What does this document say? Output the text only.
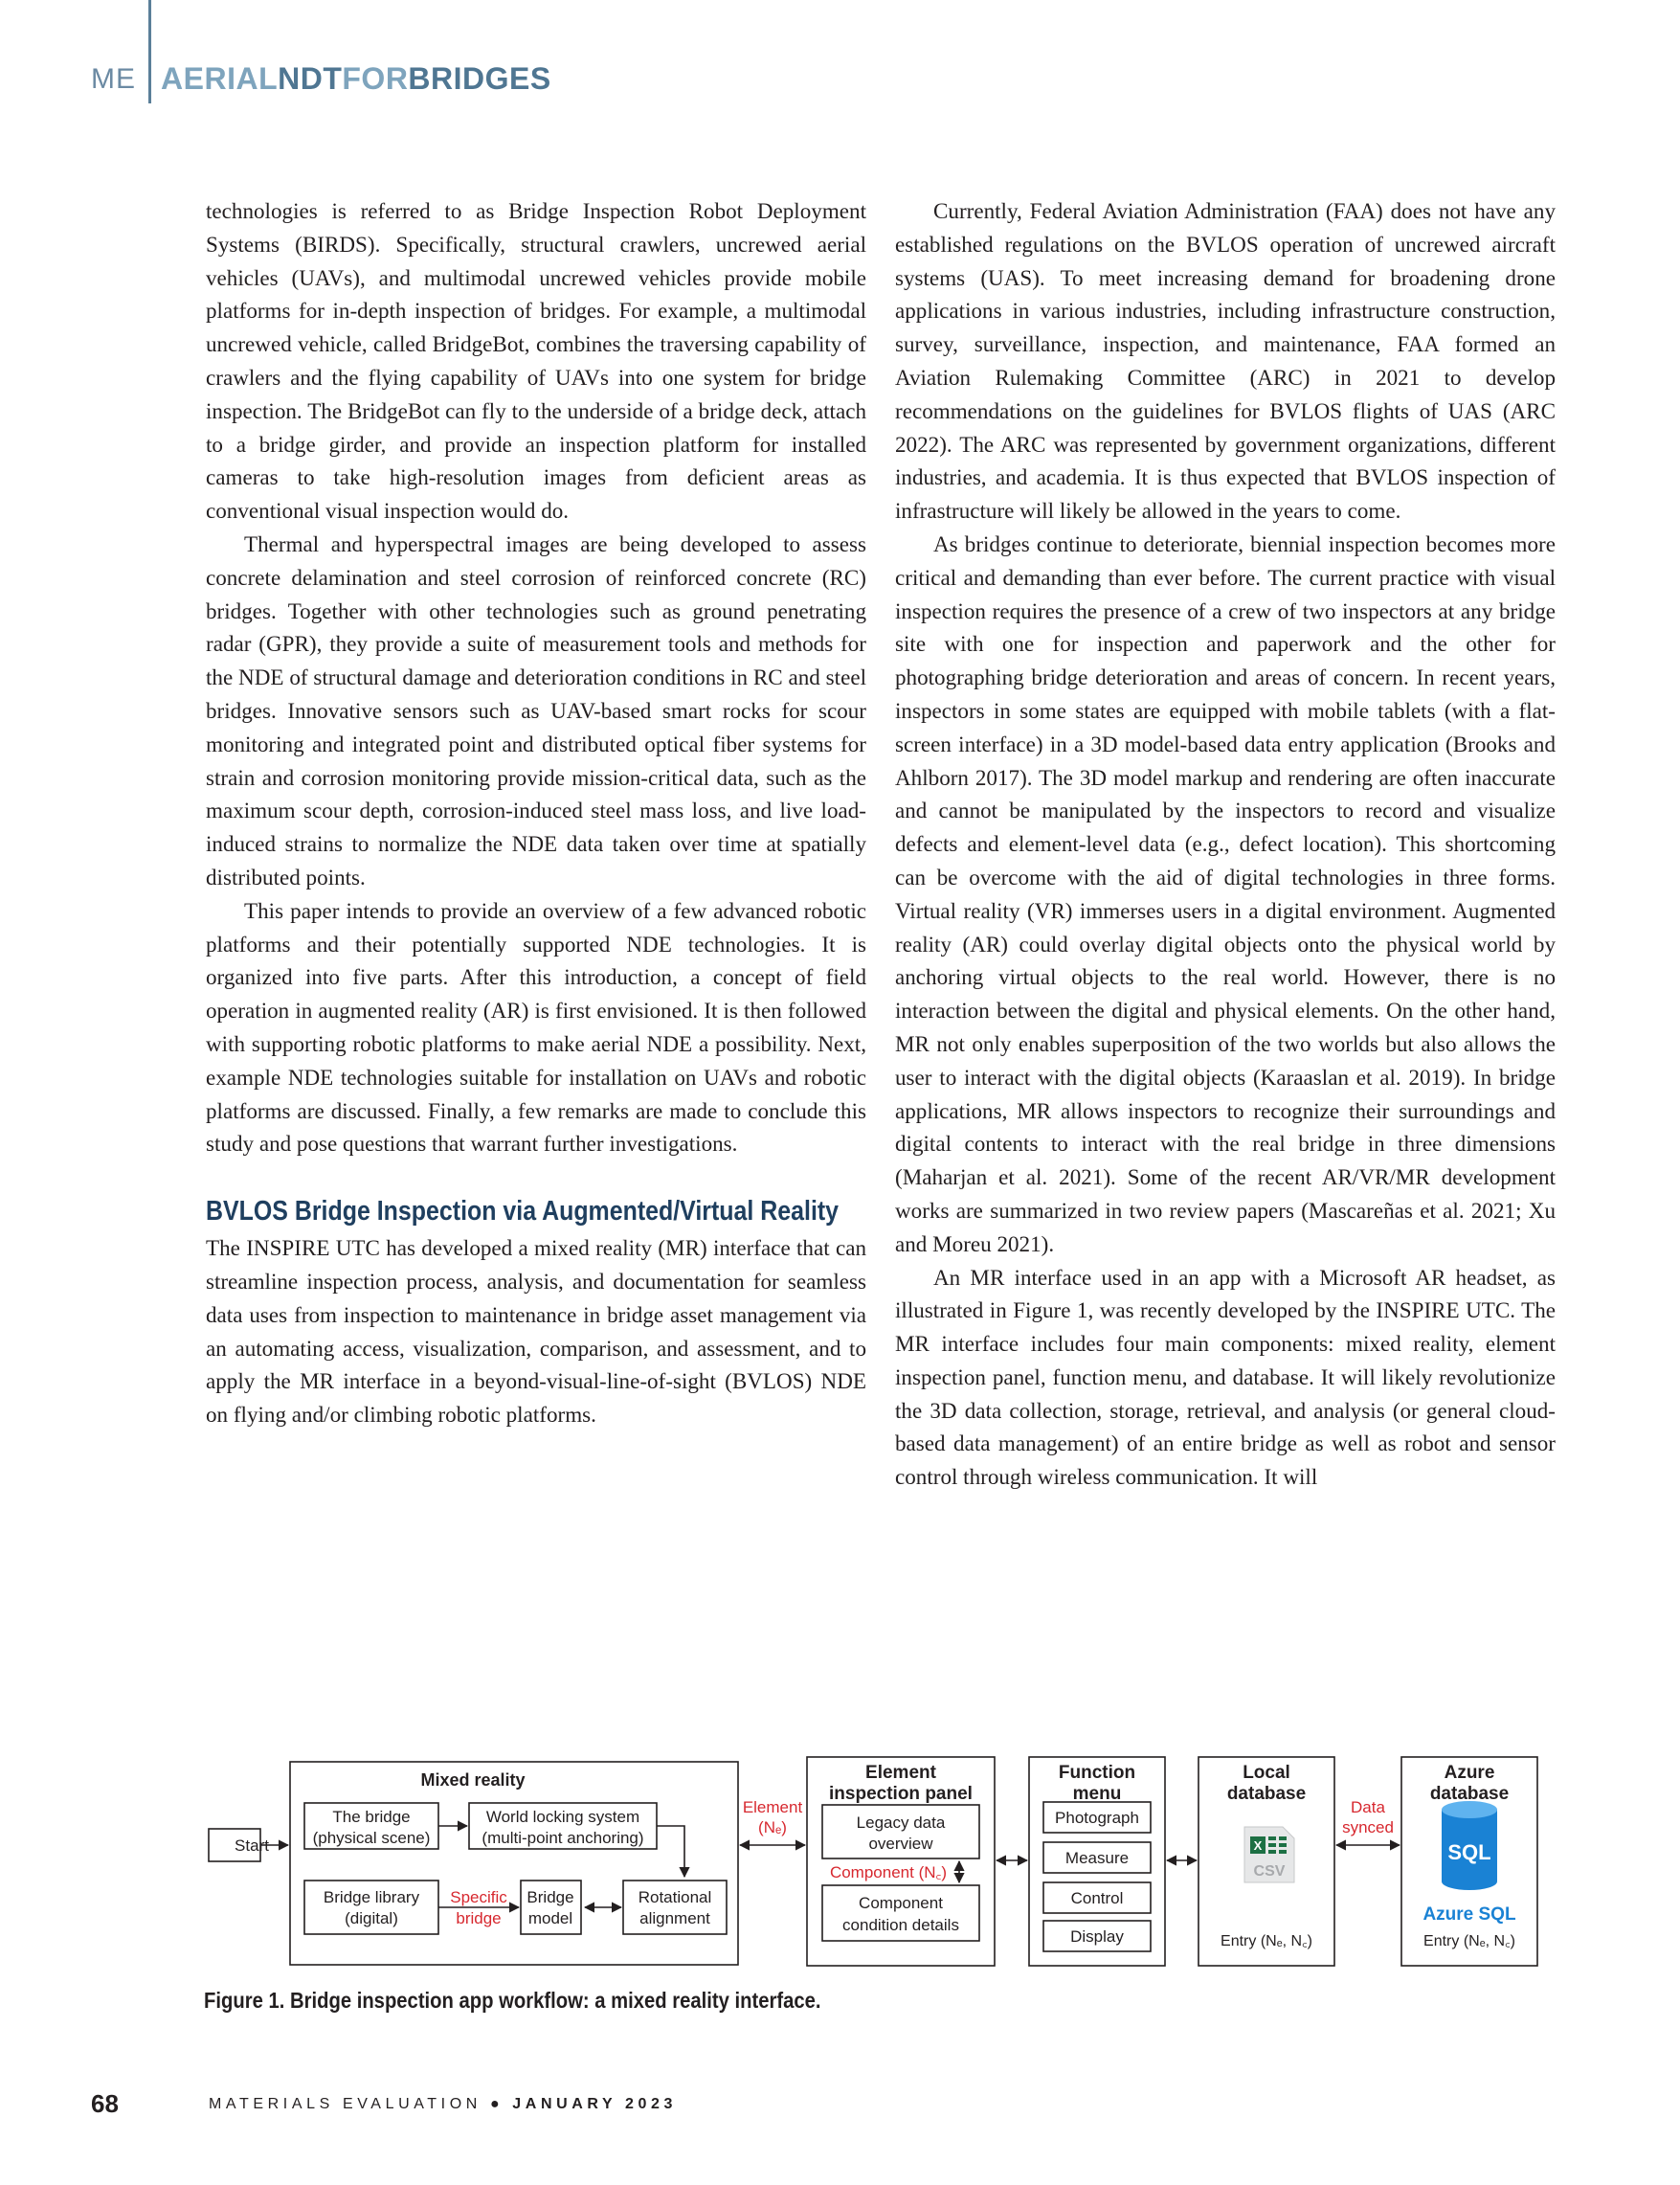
ME AERIALNDTFORBRIDGES

technologies is referred to as Bridge Inspection Robot Deployment Systems (BIRDS). Specifically, structural crawlers, uncrewed aerial vehicles (UAVs), and multimodal uncrewed vehicles provide mobile platforms for in-depth inspection of bridges. For example, a multimodal uncrewed vehicle, called BridgeBot, combines the traversing capability of crawlers and the flying capability of UAVs into one system for bridge inspection. The BridgeBot can fly to the underside of a bridge deck, attach to a bridge girder, and provide an inspection platform for installed cameras to take high-resolution images from deficient areas as conventional visual inspection would do.

Thermal and hyperspectral images are being developed to assess concrete delamination and steel corrosion of reinforced concrete (RC) bridges. Together with other technologies such as ground penetrating radar (GPR), they provide a suite of measurement tools and methods for the NDE of structural damage and deterioration conditions in RC and steel bridges. Innovative sensors such as UAV-based smart rocks for scour monitoring and integrated point and distributed optical fiber systems for strain and corrosion monitoring provide mission-critical data, such as the maximum scour depth, corrosion-induced steel mass loss, and live load-induced strains to normalize the NDE data taken over time at spatially distributed points.

This paper intends to provide an overview of a few advanced robotic platforms and their potentially supported NDE technologies. It is organized into five parts. After this introduction, a concept of field operation in augmented reality (AR) is first envisioned. It is then followed with supporting robotic platforms to make aerial NDE a possibility. Next, example NDE technologies suitable for installation on UAVs and robotic platforms are discussed. Finally, a few remarks are made to conclude this study and pose questions that warrant further investigations.

BVLOS Bridge Inspection via Augmented/Virtual Reality

The INSPIRE UTC has developed a mixed reality (MR) interface that can streamline inspection process, analysis, and documentation for seamless data uses from inspection to maintenance in bridge asset management via an automating access, visualization, comparison, and assessment, and to apply the MR interface in a beyond-visual-line-of-sight (BVLOS) NDE on flying and/or climbing robotic platforms.

Currently, Federal Aviation Administration (FAA) does not have any established regulations on the BVLOS operation of uncrewed aircraft systems (UAS). To meet increasing demand for broadening drone applications in various industries, including infrastructure construction, survey, surveillance, inspection, and maintenance, FAA formed an Aviation Rulemaking Committee (ARC) in 2021 to develop recommendations on the guidelines for BVLOS flights of UAS (ARC 2022). The ARC was represented by government organizations, different industries, and academia. It is thus expected that BVLOS inspection of infrastructure will likely be allowed in the years to come.

As bridges continue to deteriorate, biennial inspection becomes more critical and demanding than ever before. The current practice with visual inspection requires the presence of a crew of two inspectors at any bridge site with one for inspection and paperwork and the other for photographing bridge deterioration and areas of concern. In recent years, inspectors in some states are equipped with mobile tablets (with a flat-screen interface) in a 3D model-based data entry application (Brooks and Ahlborn 2017). The 3D model markup and rendering are often inaccurate and cannot be manipulated by the inspectors to record and visualize defects and element-level data (e.g., defect location). This shortcoming can be overcome with the aid of digital technologies in three forms. Virtual reality (VR) immerses users in a digital environment. Augmented reality (AR) could overlay digital objects onto the physical world by anchoring virtual objects to the real world. However, there is no interaction between the digital and physical elements. On the other hand, MR not only enables superposition of the two worlds but also allows the user to interact with the digital objects (Karaaslan et al. 2019). In bridge applications, MR allows inspectors to recognize their surroundings and digital contents to interact with the real bridge in three dimensions (Maharjan et al. 2021). Some of the recent AR/VR/MR development works are summarized in two review papers (Mascareñas et al. 2021; Xu and Moreu 2021).

An MR interface used in an app with a Microsoft AR headset, as illustrated in Figure 1, was recently developed by the INSPIRE UTC. The MR interface includes four main components: mixed reality, element inspection panel, function menu, and database. It will likely revolutionize the 3D data collection, storage, retrieval, and analysis (or general cloud-based data management) of an entire bridge as well as robot and sensor control through wireless communication. It will

X
CSV
SQL
Start
Mixed reality
The bridge
(physical scene)
World locking system
(multi-point anchoring)
Bridge library
(digital)
Specific
bridge
Bridge
model
Rotational
alignment
Element
(Nₑ)
Element
inspection panel
Legacy data
overview
Component (N꜀)
Component
condition details
Function
menu
Photograph
Measure
Control
Display
Local
database
Entry (Nₑ, N꜀)
Data
synced
Azure
database
Azure SQL
Entry (Nₑ, N꜀)
Figure 1. Bridge inspection app workflow: a mixed reality interface.
68	MATERIALS EVALUATION ● JANUARY 2023
